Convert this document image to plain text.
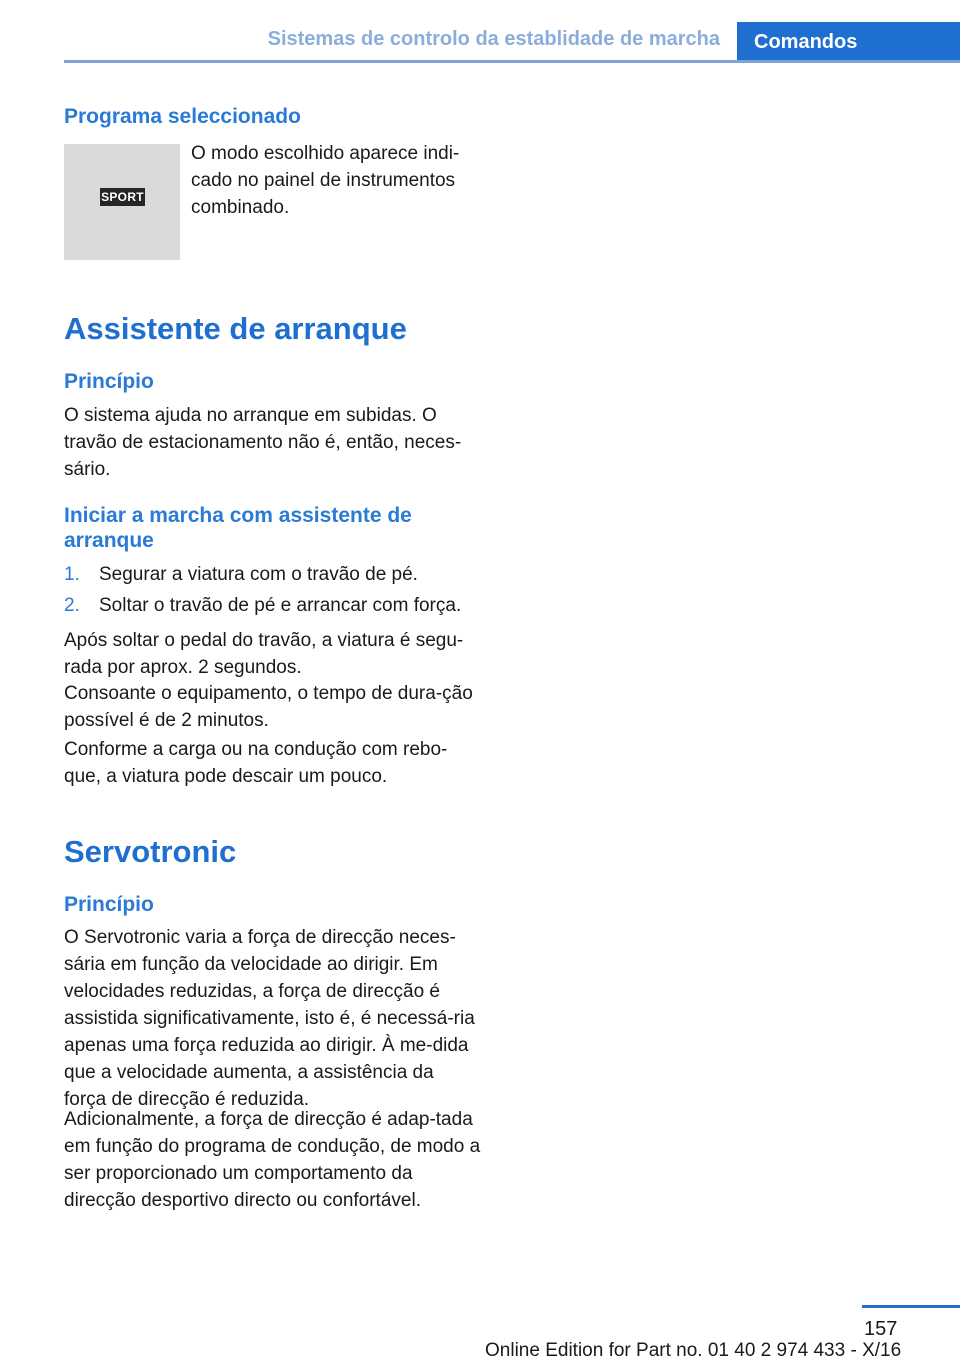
Sistemas de controlo da establidade de marcha Comandos
Programa seleccionado
SPORT

O modo escolhido aparece indi-cado no painel de instrumentos combinado.

Assistente de arranque
Princípio

O sistema ajuda no arranque em subidas. O travão de estacionamento não é, então, neces-sário.

Iniciar a marcha com assistente de arranque
1. Segurar a viatura com o travão de pé.
2. Soltar o travão de pé e arrancar com força.

Após soltar o pedal do travão, a viatura é segu-rada por aprox. 2 segundos.

Consoante o equipamento, o tempo de dura-ção possível é de 2 minutos.

Conforme a carga ou na condução com rebo-que, a viatura pode descair um pouco.

Servotronic
Princípio

O Servotronic varia a força de direcção neces-sária em função da velocidade ao dirigir. Em velocidades reduzidas, a força de direcção é assistida significativamente, isto é, é necessá-ria apenas uma força reduzida ao dirigir. À me-dida que a velocidade aumenta, a assistência da força de direcção é reduzida.

Adicionalmente, a força de direcção é adap-tada em função do programa de condução, de modo a ser proporcionado um comportamento da direcção desportivo directo ou confortável.

157
Online Edition for Part no. 01 40 2 974 433 - X/16
